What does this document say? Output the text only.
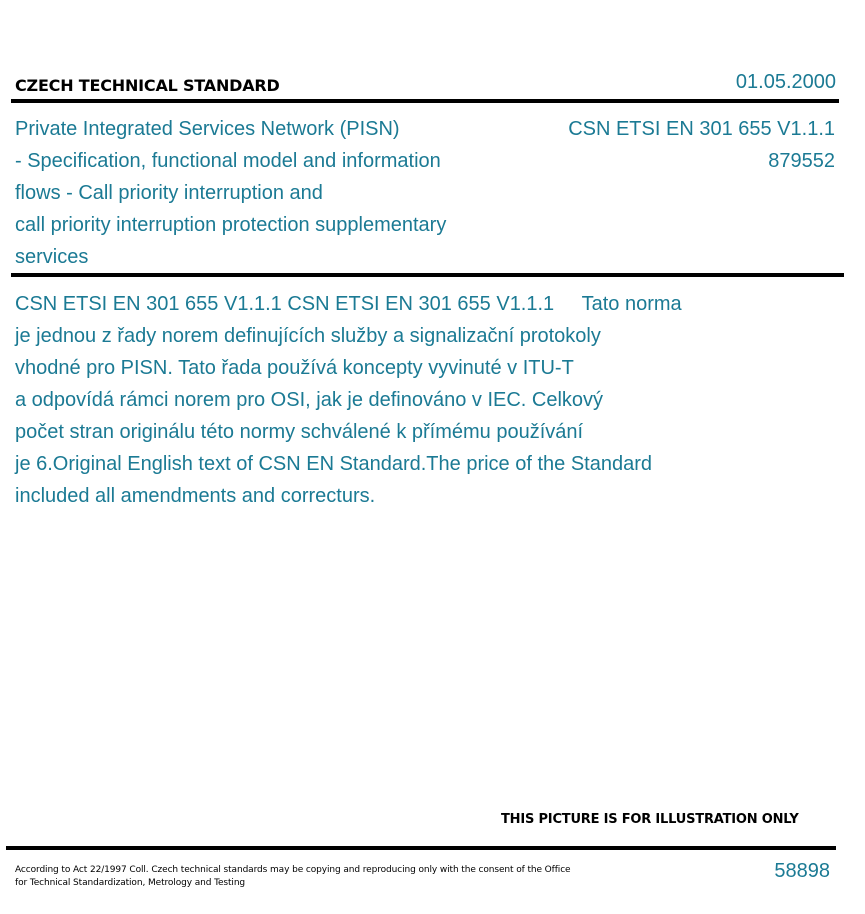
CZECH TECHNICAL STANDARD	01.05.2000
Private Integrated Services Network (PISN)
- Specification, functional model and information
flows - Call priority interruption and
call priority interruption protection supplementary
services
CSN ETSI EN 301 655 V1.1.1
879552
CSN ETSI EN 301 655 V1.1.1 CSN ETSI EN 301 655 V1.1.1     Tato norma
je jednou z řady norem definujících služby a signalizační protokoly
vhodné pro PISN. Tato řada používá koncepty vyvinuté v ITU-T
a odpovídá rámci norem pro OSI, jak je definováno v IEC. Celkový
počet stran originálu této normy schválené k přímému používání
je 6.Original English text of CSN EN Standard.The price of the Standard
included all amendments and correcturs.
THIS PICTURE IS FOR ILLUSTRATION ONLY
According to Act 22/1997 Coll. Czech technical standards may be copying and reproducing only with the consent of the Office
for Technical Standardization, Metrology and Testing
58898
